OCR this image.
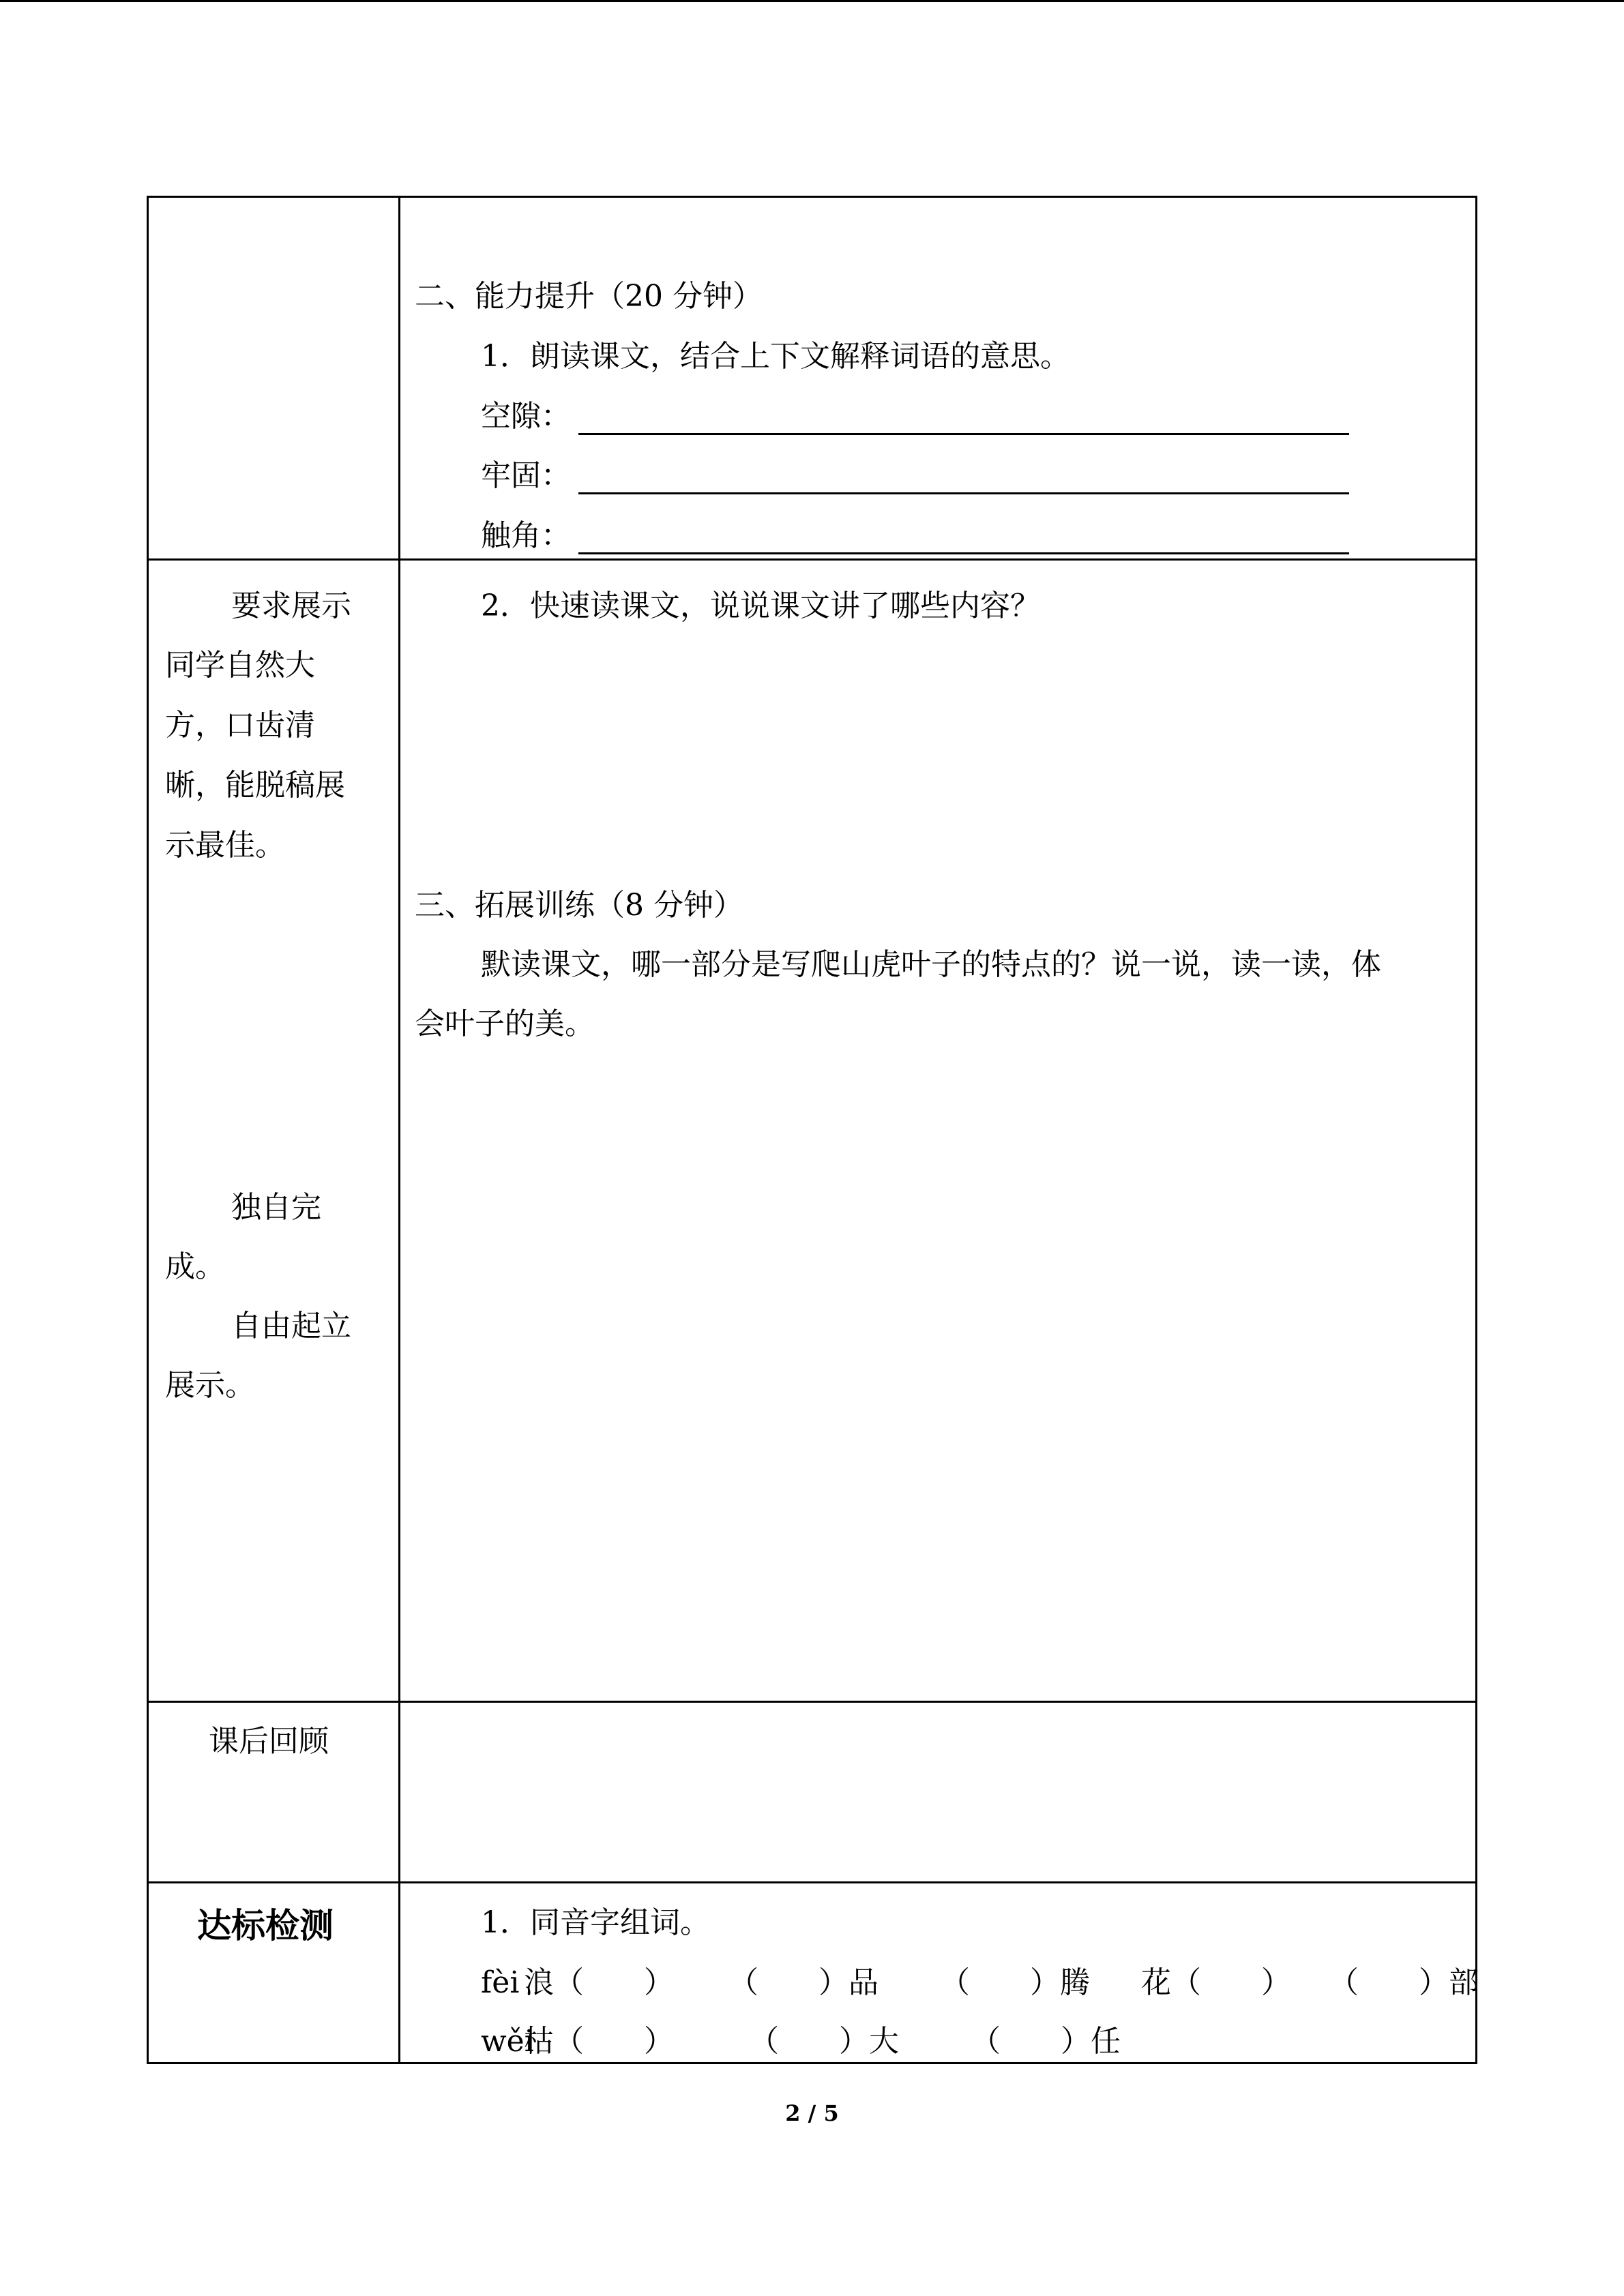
要求展示
同学自然大
方，口齿清
晰，能脱稿展
示最佳。
独自完
成。
自由起立
展示。
课后回顾
达标检测
二、能力提升（20 分钟）
1．朗读课文，结合上下文解释词语的意思。
空隙：
牢固：
触角：
2．快速读课文，说说课文讲了哪些内容？
三、拓展训练（8 分钟）
默读课文，哪一部分是写爬山虎叶子的特点的？说一说，读一读，体
会叶子的美。
1．同音字组词。
fèi 浪（　　） （　　）品 （　　）腾 花（　　） （　　）部
wěi
枯（　　）	（　　）大 （　　）任
2 / 5
